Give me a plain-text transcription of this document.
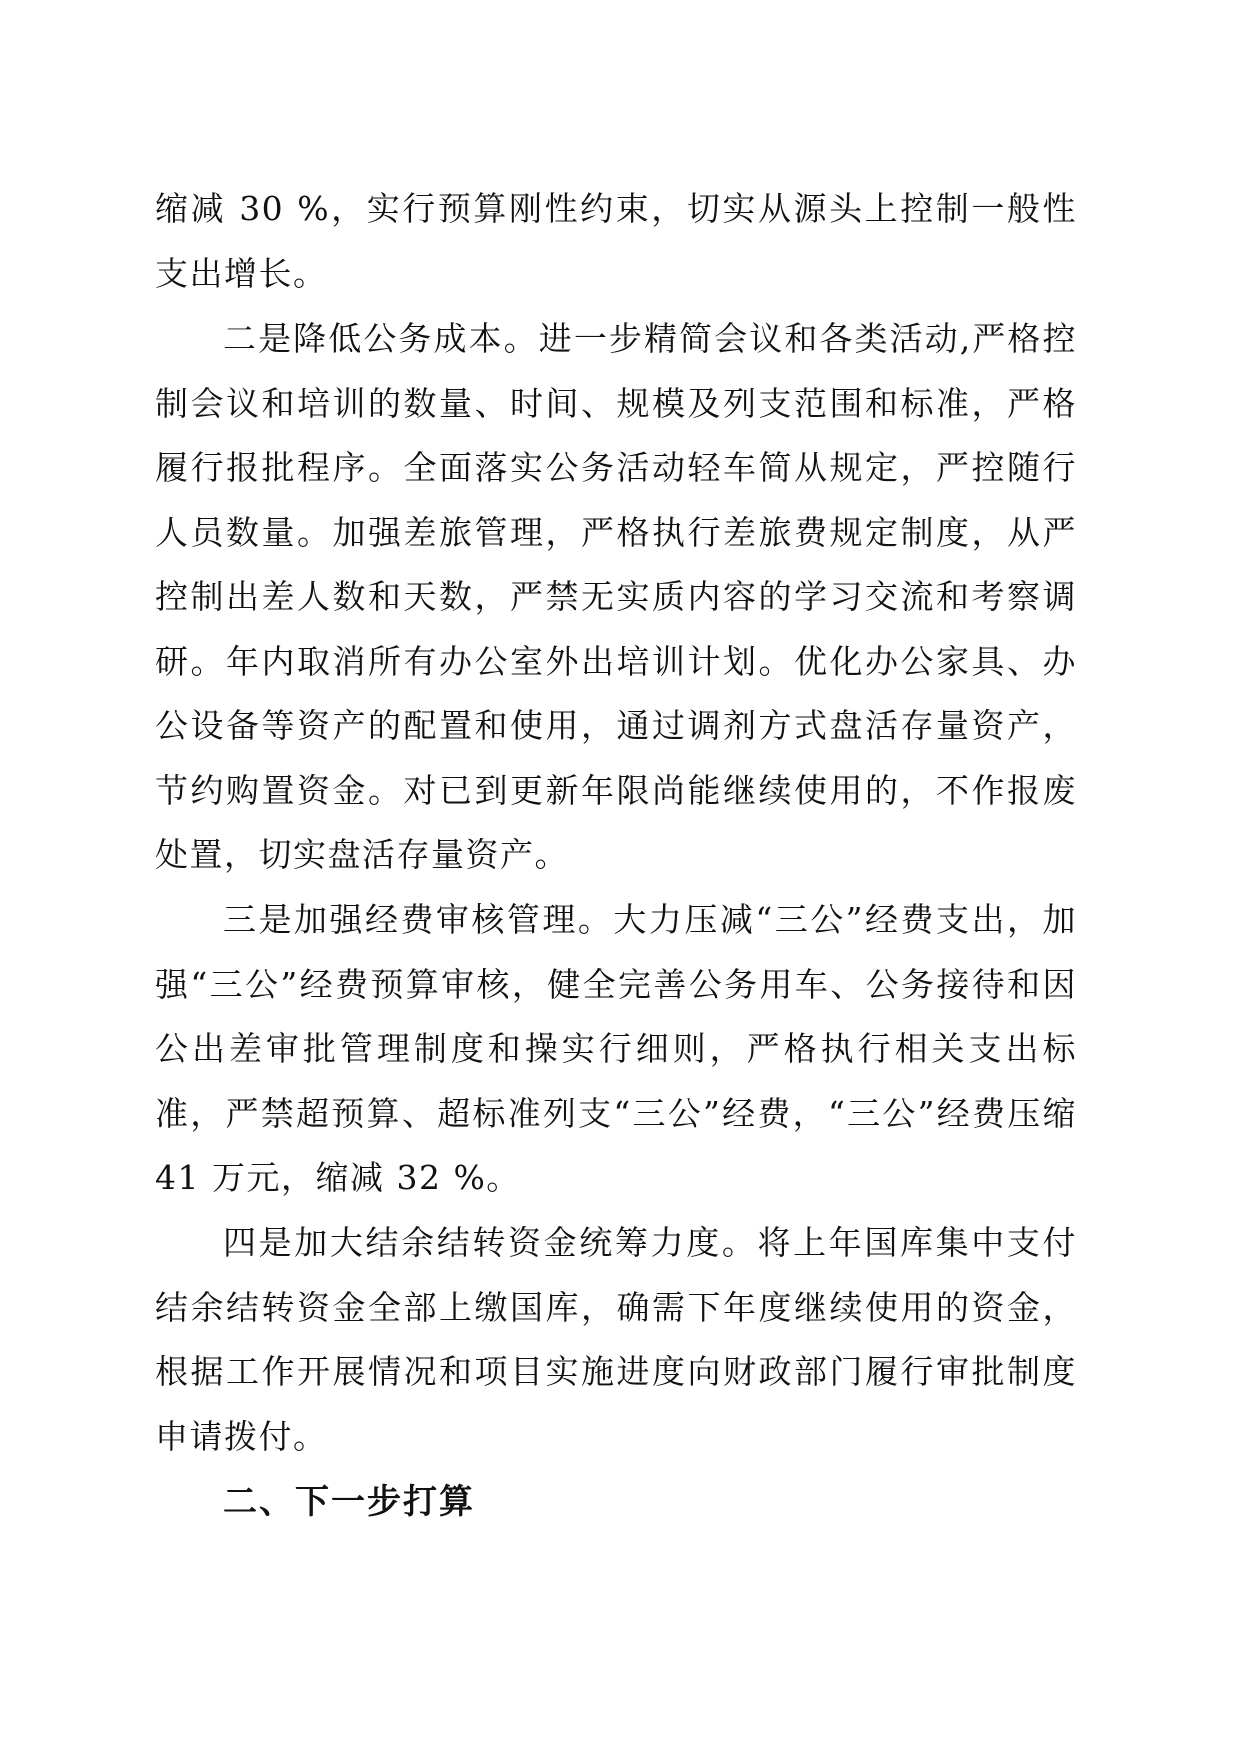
缩减 30 %，实行预算刚性约束，切实从源头上控制一般性支出增长。

二是降低公务成本。进一步精简会议和各类活动,严格控制会议和培训的数量、时间、规模及列支范围和标准，严格履行报批程序。全面落实公务活动轻车简从规定，严控随行人员数量。加强差旅管理，严格执行差旅费规定制度，从严控制出差人数和天数，严禁无实质内容的学习交流和考察调研。年内取消所有办公室外出培训计划。优化办公家具、办公设备等资产的配置和使用，通过调剂方式盘活存量资产，节约购置资金。对已到更新年限尚能继续使用的，不作报废处置，切实盘活存量资产。

三是加强经费审核管理。大力压减“三公”经费支出，加强“三公”经费预算审核，健全完善公务用车、公务接待和因公出差审批管理制度和操实行细则，严格执行相关支出标准，严禁超预算、超标准列支“三公”经费，“三公”经费压缩 41 万元，缩减 32 %。

四是加大结余结转资金统筹力度。将上年国库集中支付结余结转资金全部上缴国库，确需下年度继续使用的资金，根据工作开展情况和项目实施进度向财政部门履行审批制度申请拨付。

二、下一步打算
